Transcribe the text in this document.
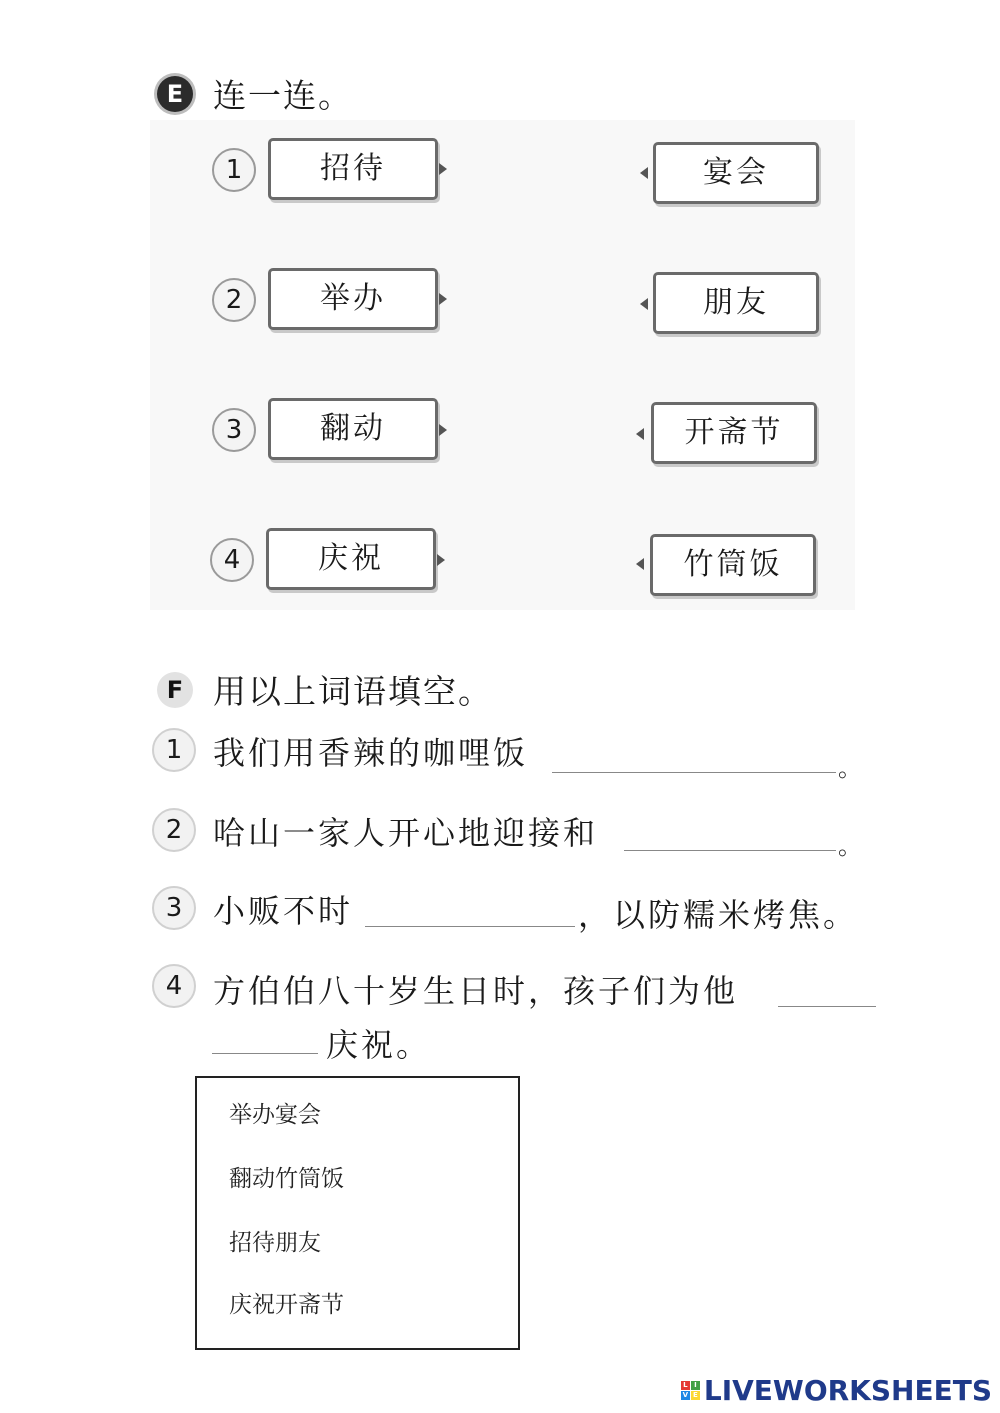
E 连一连。
1	招待	宴会
2	举办	朋友
3	翻动	开斋节
4	庆祝	竹筒饭
F 用以上词语填空。
1 我们用香辣的咖哩饭	。
2 哈山一家人开心地迎接和	。
3 小贩不时	，以防糯米烤焦。
4 方伯伯八十岁生日时，孩子们为他
庆祝。
举办宴会
翻动竹筒饭
招待朋友
庆祝开斋节
L I
V E LIVEWORKSHEETS
